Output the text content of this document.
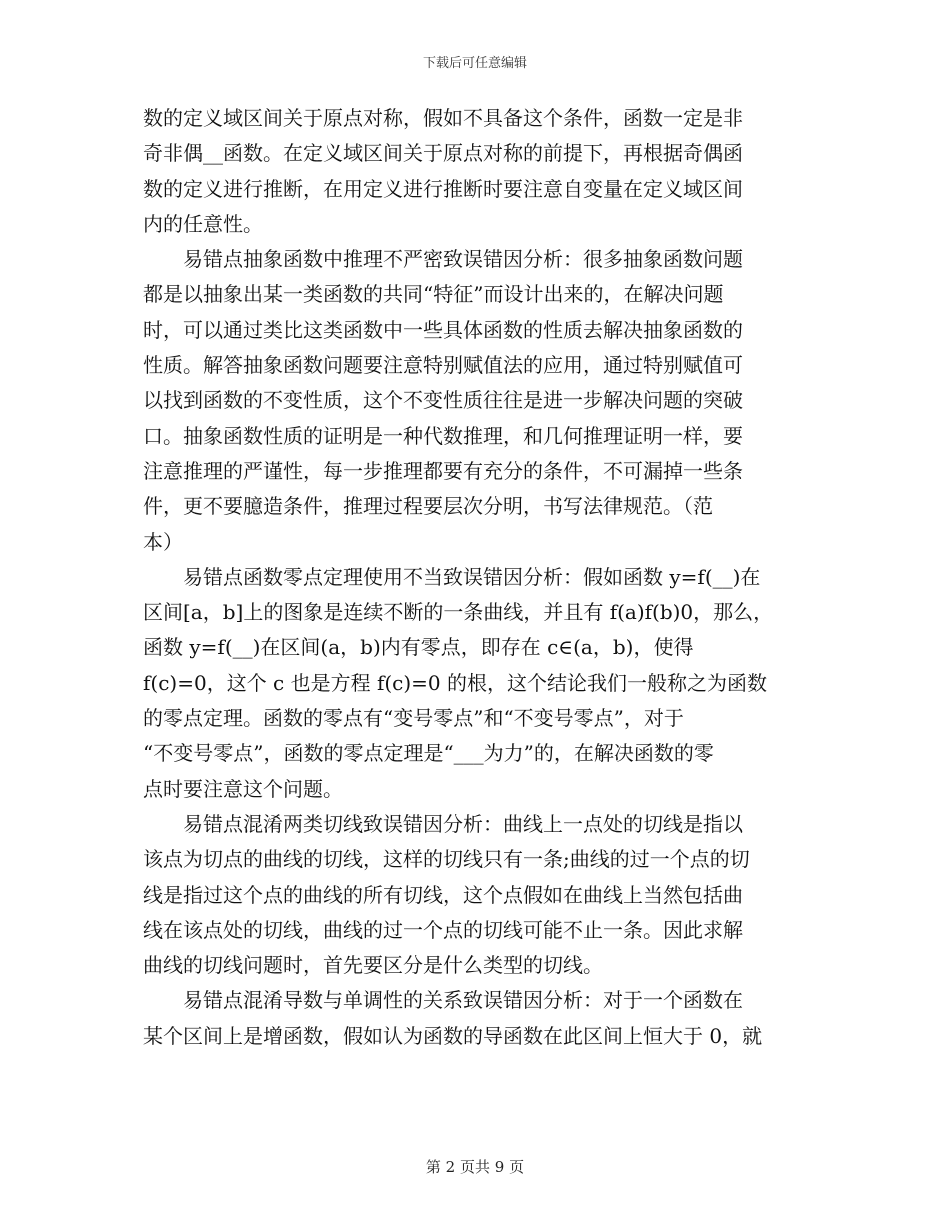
下载后可任意编辑
数的定义域区间关于原点对称，假如不具备这个条件，函数一定是非
奇非偶__函数。在定义域区间关于原点对称的前提下，再根据奇偶函
数的定义进行推断，在用定义进行推断时要注意自变量在定义域区间
内的任意性。
易错点抽象函数中推理不严密致误错因分析：很多抽象函数问题
都是以抽象出某一类函数的共同“特征”而设计出来的，在解决问题
时，可以通过类比这类函数中一些具体函数的性质去解决抽象函数的
性质。解答抽象函数问题要注意特别赋值法的应用，通过特别赋值可
以找到函数的不变性质，这个不变性质往往是进一步解决问题的突破
口。抽象函数性质的证明是一种代数推理，和几何推理证明一样，要
注意推理的严谨性，每一步推理都要有充分的条件，不可漏掉一些条
件，更不要臆造条件，推理过程要层次分明，书写法律规范。（范
本）
易错点函数零点定理使用不当致误错因分析：假如函数 y=f(__)在
区间[a，b]上的图象是连续不断的一条曲线，并且有 f(a)f(b)0，那么，
函数 y=f(__)在区间(a，b)内有零点，即存在 c∈(a，b)，使得
f(c)=0，这个 c 也是方程 f(c)=0 的根，这个结论我们一般称之为函数
的零点定理。函数的零点有“变号零点”和“不变号零点”，对于
“不变号零点”，函数的零点定理是“___为力”的，在解决函数的零
点时要注意这个问题。
易错点混淆两类切线致误错因分析：曲线上一点处的切线是指以
该点为切点的曲线的切线，这样的切线只有一条;曲线的过一个点的切
线是指过这个点的曲线的所有切线，这个点假如在曲线上当然包括曲
线在该点处的切线，曲线的过一个点的切线可能不止一条。因此求解
曲线的切线问题时，首先要区分是什么类型的切线。
易错点混淆导数与单调性的关系致误错因分析：对于一个函数在
某个区间上是增函数，假如认为函数的导函数在此区间上恒大于 0，就
第 2 页共 9 页
